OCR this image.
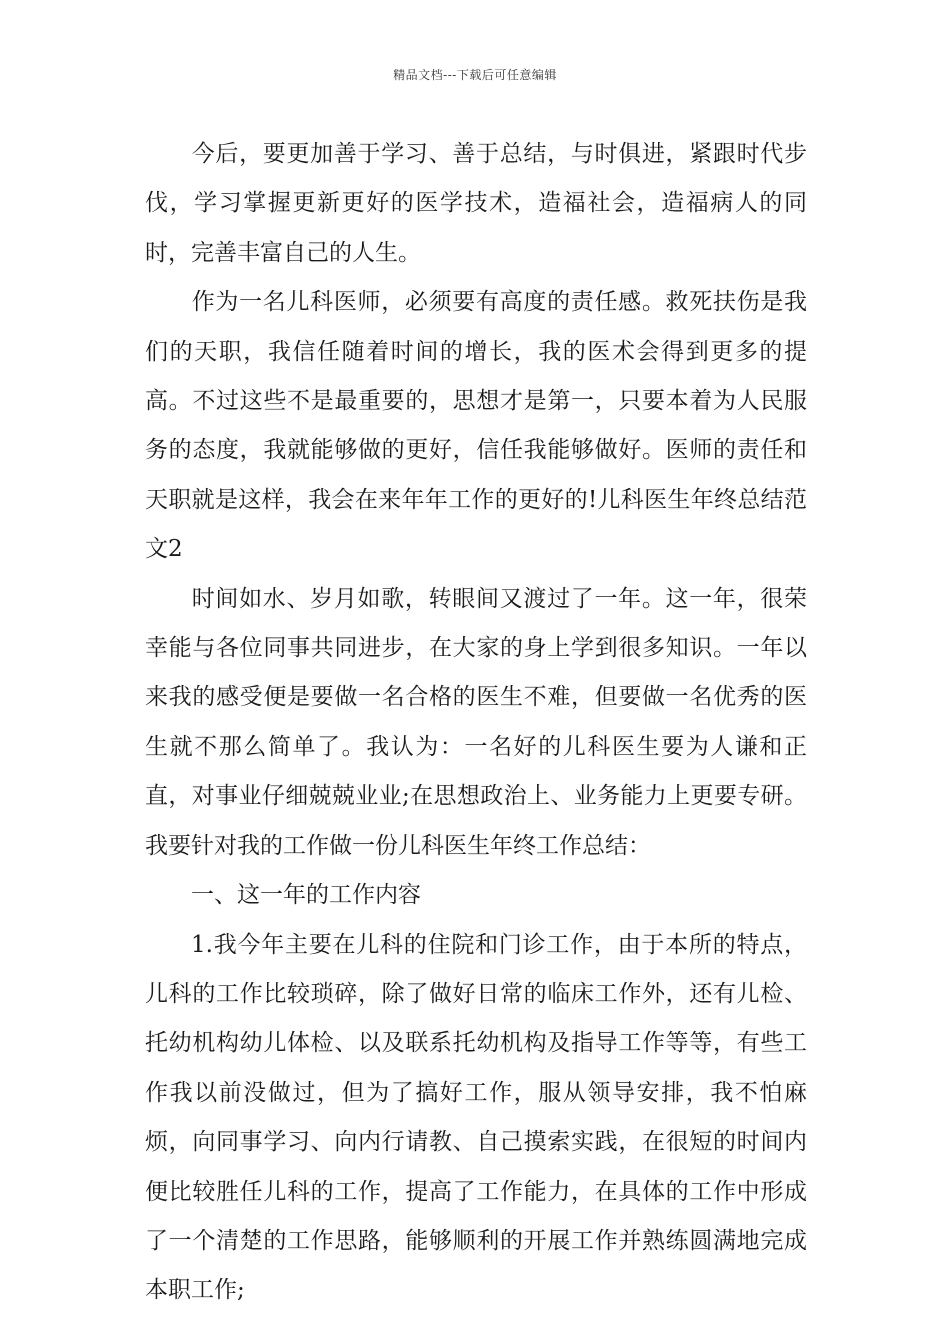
精品文档---下载后可任意编辑

今后，要更加善于学习、善于总结，与时俱进，紧跟时代步伐，学习掌握更新更好的医学技术，造福社会，造福病人的同时，完善丰富自己的人生。

作为一名儿科医师，必须要有高度的责任感。救死扶伤是我们的天职，我信任随着时间的增长，我的医术会得到更多的提高。不过这些不是最重要的，思想才是第一，只要本着为人民服务的态度，我就能够做的更好，信任我能够做好。医师的责任和天职就是这样，我会在来年年工作的更好的!儿科医生年终总结范文2

时间如水、岁月如歌，转眼间又渡过了一年。这一年，很荣幸能与各位同事共同进步，在大家的身上学到很多知识。一年以来我的感受便是要做一名合格的医生不难，但要做一名优秀的医生就不那么简单了。我认为：一名好的儿科医生要为人谦和正直，对事业仔细兢兢业业;在思想政治上、业务能力上更要专研。我要针对我的工作做一份儿科医生年终工作总结：

一、这一年的工作内容

1.我今年主要在儿科的住院和门诊工作，由于本所的特点，儿科的工作比较琐碎，除了做好日常的临床工作外，还有儿检、托幼机构幼儿体检、以及联系托幼机构及指导工作等等，有些工作我以前没做过，但为了搞好工作，服从领导安排，我不怕麻烦，向同事学习、向内行请教、自己摸索实践，在很短的时间内便比较胜任儿科的工作，提高了工作能力，在具体的工作中形成了一个清楚的工作思路，能够顺利的开展工作并熟练圆满地完成本职工作;
